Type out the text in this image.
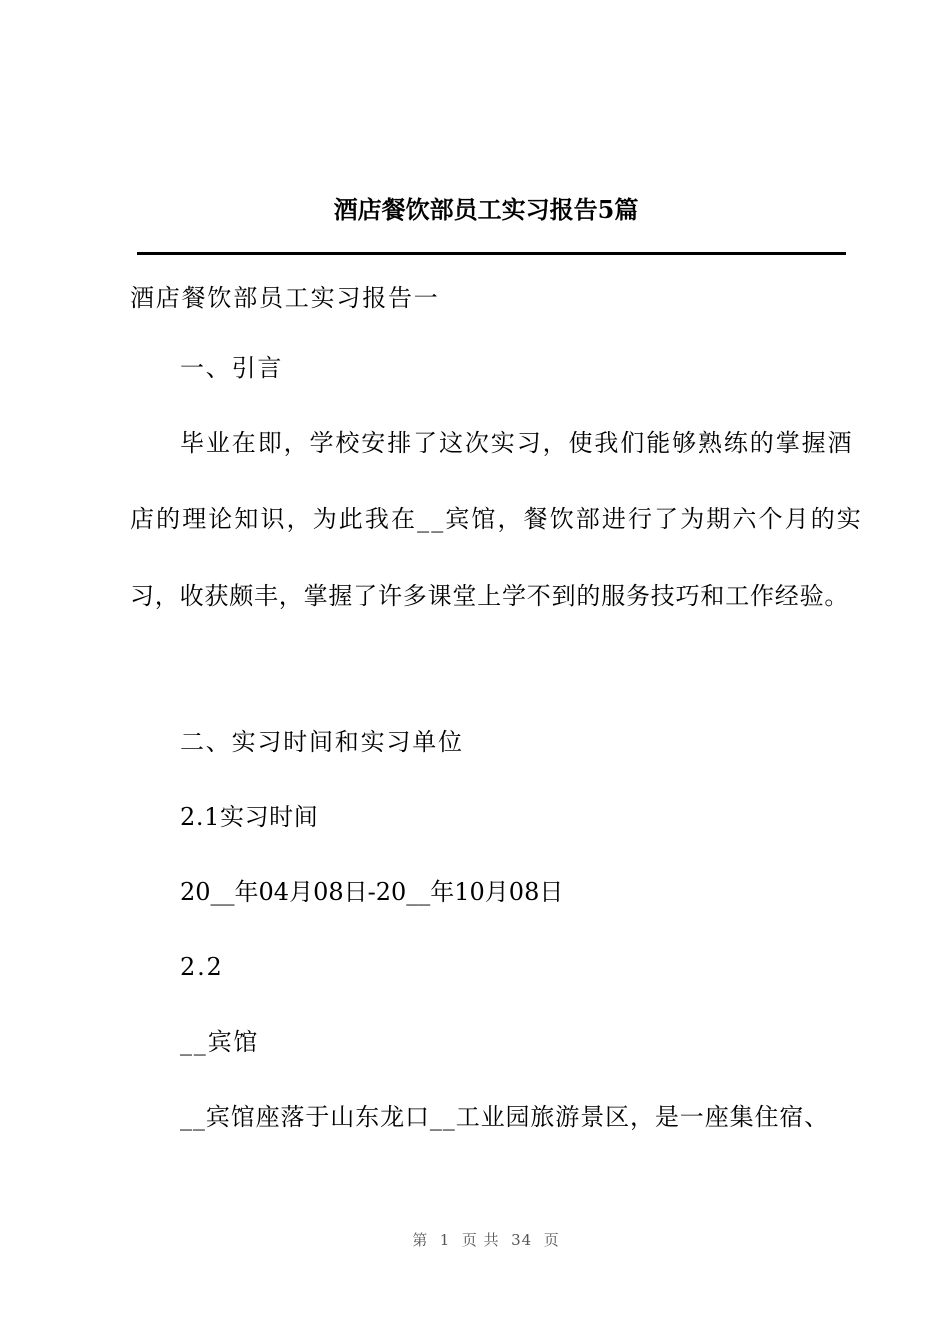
酒店餐饮部员工实习报告5篇
酒店餐饮部员工实习报告一
一、引言
毕业在即，学校安排了这次实习，使我们能够熟练的掌握酒
店的理论知识，为此我在__宾馆，餐饮部进行了为期六个月的实
习，收获颇丰，掌握了许多课堂上学不到的服务技巧和工作经验。
二、实习时间和实习单位
2.1实习时间
20__年04月08日-20__年10月08日
2.2
__宾馆
__宾馆座落于山东龙口__工业园旅游景区，是一座集住宿、
第  1  页 共  34  页
